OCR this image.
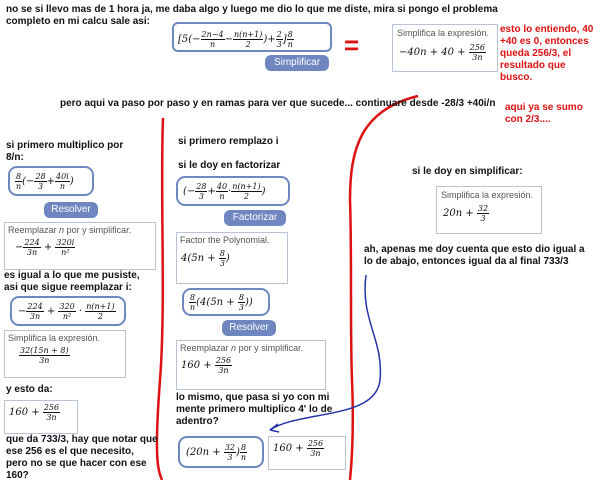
no se si llevo mas de 1 hora ja, me daba algo y luego me dio lo que me diste, mira si pongo el problema completo en mi calcu sale asi:
[$5(- \frac{2n-4}{n} - \frac{n(n+1)}{2}$ )+ $\frac{2}{3}$ ] $\frac{8}{n}$
Simplificar
=	Simplifica la expresión.
$-40n + 40 + \frac{256}{3n}$
esto lo entiendo, 40 +40 es 0, entonces queda 256/3, el resultado que busco.
pero aqui va paso por paso y en ramas para ver que sucede... continuare desde -28/3 +40i/n aqui ya se sumo con 2/3....
si primero multiplico por 8/n:
$\frac{8}{n}$ (− $\frac{28}{3} + \frac{40i}{n}$ )
Resolver
Reemplazar n por y simplificar.
− $\frac{224}{3n} + \frac{320i}{\text{n²}}$
es igual a lo que me pusiste, asi que sigue reemplazar i:
− $\frac{224}{3n} + \frac{320}{\text{n²}} \cdot \frac{n(n+1)}{2}$
Simplifica la expresión.
$\frac{32(15n + 8)}{3n}$
y esto da:
$160 + \frac{256}{3n}$
que da 733/3, hay que notar que ese 256 es el que necesito, pero no se que hacer con ese 160?
si primero remplazo i
si le doy en factorizar
(− $\frac{28}{3} + \frac{40}{n} \cdot \frac{n(n+1)}{2}$ )
Factorizar
Factor the Polynomial.
$4(5n + \frac{8}{3}$ )
$\frac{8}{n} (4(5n + \frac{8}{3}$ ))
Resolver
Reemplazar n por y simplificar.
$160 + \frac{256}{3n}$
lo mismo, que pasa si yo con mi mente primero multiplico 4' lo de adentro?
($20n + \frac{32}{3}$ ) $\frac{8}{n}$	$160 + \frac{256}{3n}$
si le doy en simplificar:
Simplifica la expresión.
$20n + \frac{32}{3}$
ah, apenas me doy cuenta que esto dio igual a lo de abajo, entonces igual da al final 733/3
